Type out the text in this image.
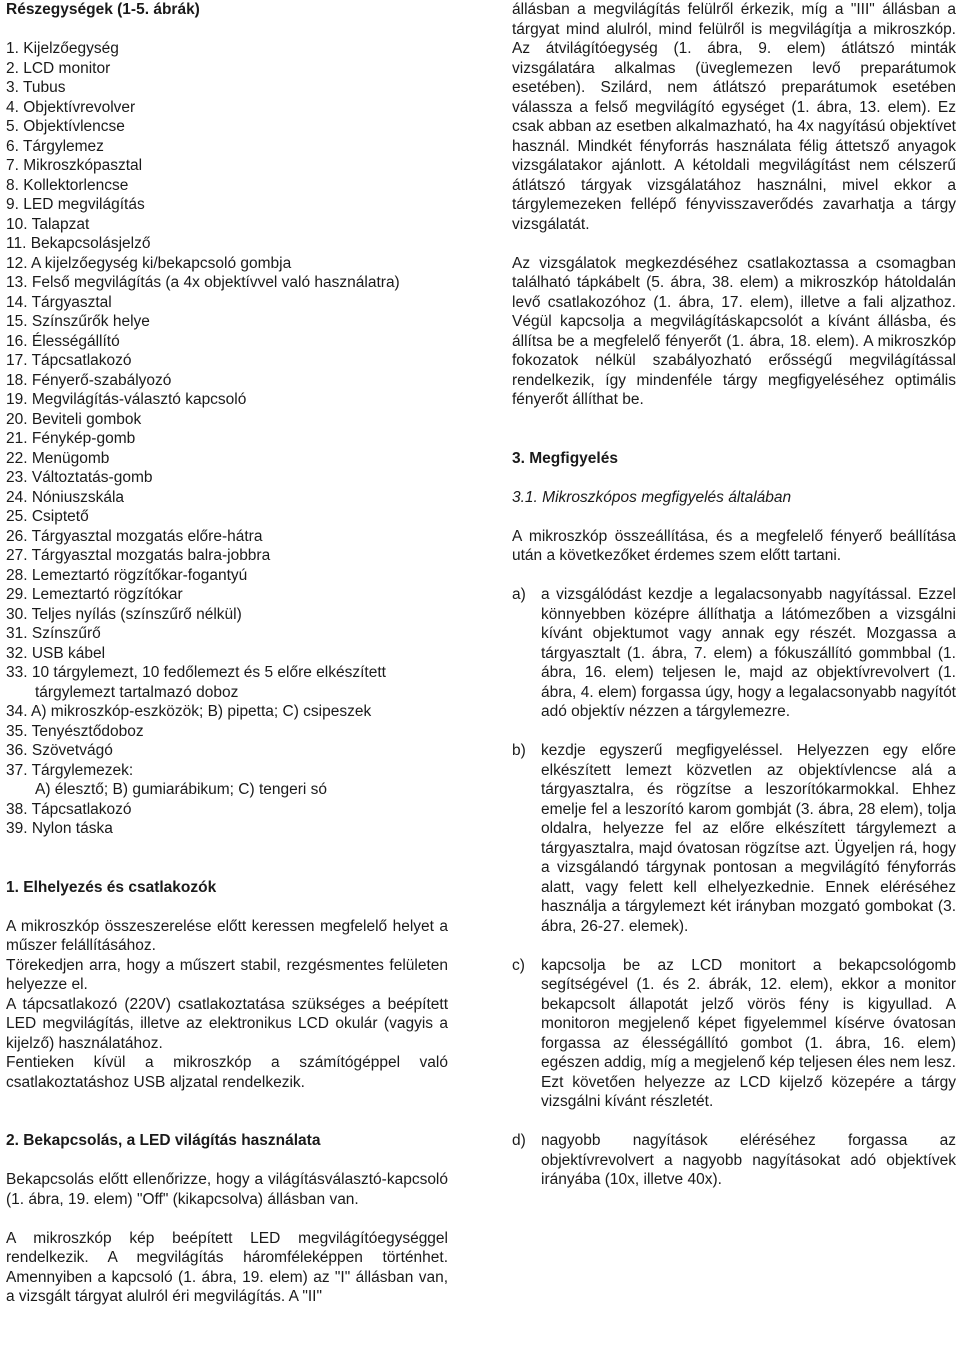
Részegységek (1-5. ábrák)
1. Kijelzőegység
2. LCD monitor
3. Tubus
4. Objektívrevolver
5. Objektívlencse
6. Tárgylemez
7. Mikroszkópasztal
8. Kollektorlencse
9. LED megvilágítás
10. Talapzat
11. Bekapcsolásjelző
12. A kijelzőegység ki/bekapcsoló gombja
13. Felső megvilágítás (a 4x objektívvel való használatra)
14. Tárgyasztal
15. Színszűrők helye
16. Élességállító
17. Tápcsatlakozó
18. Fényerő-szabályozó
19. Megvilágítás-választó kapcsoló
20. Beviteli gombok
21. Fénykép-gomb
22. Menügomb
23. Változtatás-gomb
24. Nóniuszskála
25. Csiptető
26. Tárgyasztal mozgatás előre-hátra
27. Tárgyasztal mozgatás balra-jobbra
28. Lemeztartó rögzítőkar-fogantyú
29. Lemeztartó rögzítókar
30. Teljes nyílás (színszűrő nélkül)
31. Színszűrő
32. USB kábel
33. 10 tárgylemezt, 10 fedőlemezt és 5 előre elkészített
tárgylemezt tartalmazó doboz
34. A) mikroszkóp-eszközök; B) pipetta; C) csipeszek
35. Tenyésztődoboz
36. Szövetvágó
37. Tárgylemezek:
A) élesztő; B) gumiarábikum; C) tengeri só
38. Tápcsatlakozó
39. Nylon táska
1. Elhelyezés és csatlakozók

A mikroszkóp összeszerelése előtt keressen megfelelő helyet a műszer felállításához.

Törekedjen arra, hogy a műszert stabil, rezgésmentes felületen helyezze el.

A tápcsatlakozó (220V) csatlakoztatása szükséges a beépített LED megvilágítás, illetve az elektronikus LCD okulár (vagyis a kijelző) használatához.

Fentieken kívül a mikroszkóp a számítógéppel való csatlakoztatáshoz USB aljzatal rendelkezik.

2. Bekapcsolás, a LED világítás használata

Bekapcsolás előtt ellenőrizze, hogy a világításválasztó-kapcsoló (1. ábra, 19. elem) "Off" (kikapcsolva) állásban van.

A mikroszkóp kép beépített LED megvilágítóegységgel rendelkezik. A megvilágítás háromféleképpen történhet. Amennyiben a kapcsoló (1. ábra, 19. elem) az "I" állásban van, a vizsgált tárgyat alulról éri megvilágítás. A "II"

állásban a megvilágítás felülről érkezik, míg a "III" állásban a tárgyat mind alulról, mind felülről is megvilágítja a mikroszkóp. Az átvilágítóegység (1. ábra, 9. elem) átlátszó minták vizsgálatára alkalmas (üveglemezen levő preparátumok esetében). Szilárd, nem átlátszó preparátumok esetében válassza a felső megvilágító egységet (1. ábra, 13. elem). Ez csak abban az esetben alkalmazható, ha 4x nagyítású objektívet használ. Mindkét fényforrás használata félig áttetsző anyagok vizsgálatakor ajánlott. A kétoldali megvilágítást nem célszerű átlátszó tárgyak vizsgálatához használni, mivel ekkor a tárgylemezeken fellépő fényvisszaverődés zavarhatja a tárgy vizsgálatát.

Az vizsgálatok megkezdéséhez csatlakoztassa a csomagban található tápkábelt (5. ábra, 38. elem) a mikroszkóp hátoldalán levő csatlakozóhoz (1. ábra, 17. elem), illetve a fali aljzathoz. Végül kapcsolja a megvilágításkapcsolót a kívánt állásba, és állítsa be a megfelelő fényerőt (1. ábra, 18. elem). A mikroszkóp fokozatok nélkül szabályozható erősségű megvilágítással rendelkezik, így mindenféle tárgy megfigyeléséhez optimális fényerőt állíthat be.

3. Megfigyelés
3.1. Mikroszkópos megfigyelés általában

A mikroszkóp összeállítása, és a megfelelő fényerő beállítása után a következőket érdemes szem előtt tartani.

a) a vizsgálódást kezdje a legalacsonyabb nagyítással. Ezzel könnyebben középre állíthatja a látómezőben a vizsgálni kívánt objektumot vagy annak egy részét. Mozgassa a tárgyasztalt (1. ábra, 7. elem) a fókuszállító gommbbal (1. ábra, 16. elem) teljesen le, majd az objektívrevolvert (1. ábra, 4. elem) forgassa úgy, hogy a legalacsonyabb nagyítót adó objektív nézzen a tárgylemezre.
b) kezdje egyszerű megfigyeléssel. Helyezzen egy előre elkészített lemezt közvetlen az objektívlencse alá a tárgyasztalra, és rögzítse a leszorítókarmokkal. Ehhez emelje fel a leszorító karom gombját (3. ábra, 28 elem), tolja oldalra, helyezze fel az előre elkészített tárgylemezt a tárgyasztalra, majd óvatosan rögzítse azt. Ügyeljen rá, hogy a vizsgálandó tárgynak pontosan a megvilágító fényforrás alatt, vagy felett kell elhelyezkednie. Ennek eléréséhez használja a tárgylemezt két irányban mozgató gombokat (3. ábra, 26-27. elemek).
c)	kapcsolja be az LCD monitort a bekapcsológomb segítségével (1. és 2. ábrák, 12. elem), ekkor a monitor bekapcsolt állapotát jelző vörös fény is kigyullad. A monitoron megjelenő képet figyelemmel kísérve óvatosan forgassa az élességállító gombot (1. ábra, 16. elem) egészen addig, míg a megjelenő kép teljesen éles nem lesz. Ezt követően helyezze az LCD kijelző közepére a tárgy vizsgálni kívánt részletét.
d) nagyobb nagyítások eléréséhez forgassa az objektívrevolvert a nagyobb nagyításokat adó objektívek irányába (10x, illetve 40x).
